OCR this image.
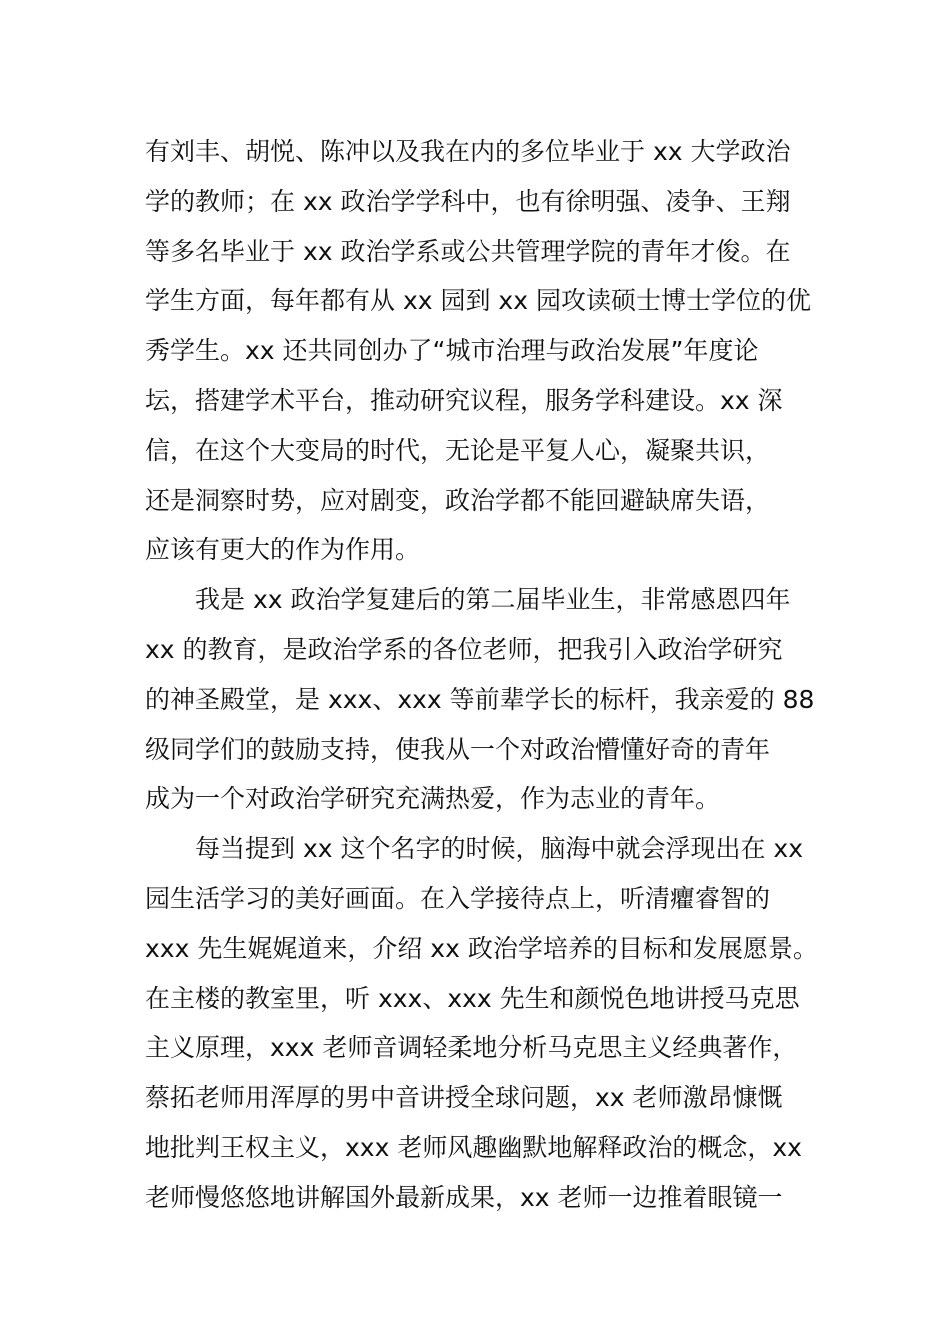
有刘丰、胡悦、陈冲以及我在内的多位毕业于 xx 大学政治
学的教师；在 xx 政治学学科中，也有徐明强、凌争、王翔
等多名毕业于 xx 政治学系或公共管理学院的青年才俊。在
学生方面，每年都有从 xx 园到 xx 园攻读硕士博士学位的优
秀学生。xx 还共同创办了“城市治理与政治发展”年度论
坛，搭建学术平台，推动研究议程，服务学科建设。xx 深
信，在这个大变局的时代，无论是平复人心，凝聚共识，
还是洞察时势，应对剧变，政治学都不能回避缺席失语，
应该有更大的作为作用。
我是 xx 政治学复建后的第二届毕业生，非常感恩四年
xx 的教育，是政治学系的各位老师，把我引入政治学研究
的神圣殿堂，是 xxx、xxx 等前辈学长的标杆，我亲爱的 88
级同学们的鼓励支持，使我从一个对政治懵懂好奇的青年
成为一个对政治学研究充满热爱，作为志业的青年。
每当提到 xx 这个名字的时候，脑海中就会浮现出在 xx
园生活学习的美好画面。在入学接待点上，听清癯睿智的
xxx 先生娓娓道来，介绍 xx 政治学培养的目标和发展愿景。
在主楼的教室里，听 xxx、xxx 先生和颜悦色地讲授马克思
主义原理，xxx 老师音调轻柔地分析马克思主义经典著作，
蔡拓老师用浑厚的男中音讲授全球问题，xx 老师激昂慷慨
地批判王权主义，xxx 老师风趣幽默地解释政治的概念，xx
老师慢悠悠地讲解国外最新成果，xx 老师一边推着眼镜一
